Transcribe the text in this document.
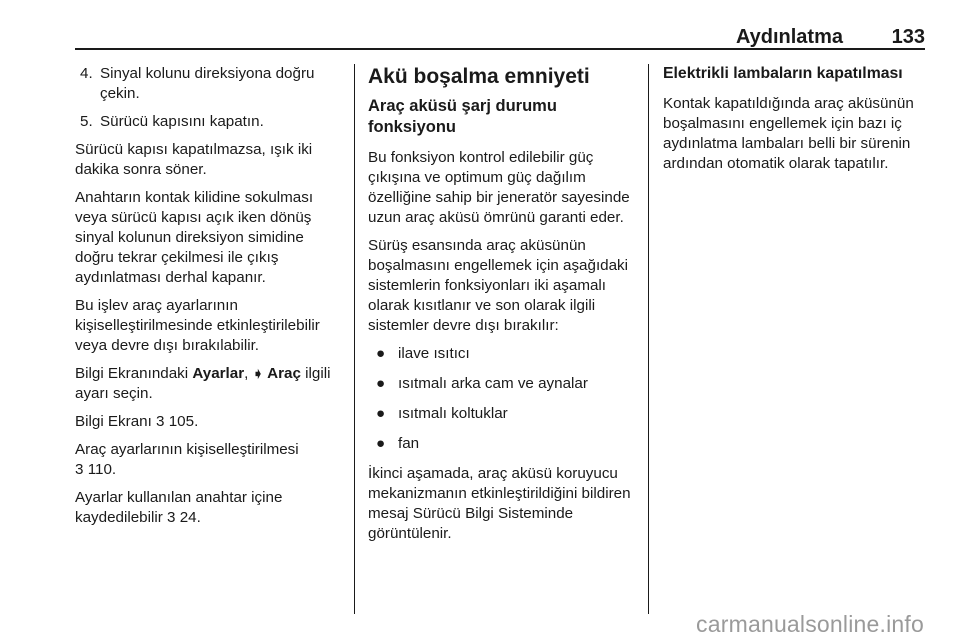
Aydınlatma 133
4. Sinyal kolunu direksiyona doğru çekin.
5. Sürücü kapısını kapatın.

Sürücü kapısı kapatılmazsa, ışık iki dakika sonra söner.

Anahtarın kontak kilidine sokulması veya sürücü kapısı açık iken dönüş sinyal kolunun direksiyon simidine doğru tekrar çekilmesi ile çıkış aydınlatması derhal kapanır.

Bu işlev araç ayarlarının kişiselleştirilmesinde etkinleştirilebilir veya devre dışı bırakılabilir.

Bilgi Ekranındaki Ayarlar, ➧ Araç ilgili ayarı seçin.

Bilgi Ekranı 3 105.

Araç ayarlarının kişiselleştirilmesi
3 110.

Ayarlar kullanılan anahtar içine kaydedilebilir 3 24.

Akü boşalma emniyeti
Araç aküsü şarj durumu fonksiyonu

Bu fonksiyon kontrol edilebilir güç çıkışına ve optimum güç dağılım özelliğine sahip bir jeneratör sayesinde uzun araç aküsü ömrünü garanti eder.

Sürüş esansında araç aküsünün boşalmasını engellemek için aşağıdaki sistemlerin fonksiyonları iki aşamalı olarak kısıtlanır ve son olarak ilgili sistemler devre dışı bırakılır:

● ilave ısıtıcı
● ısıtmalı arka cam ve aynalar
● ısıtmalı koltuklar
● fan

İkinci aşamada, araç aküsü koruyucu mekanizmanın etkinleştirildiğini bildiren mesaj Sürücü Bilgi Sisteminde görüntülenir.

Elektrikli lambaların kapatılması

Kontak kapatıldığında araç aküsünün boşalmasını engellemek için bazı iç aydınlatma lambaları belli bir sürenin ardından otomatik olarak tapatılır.

carmanualsonline.info
